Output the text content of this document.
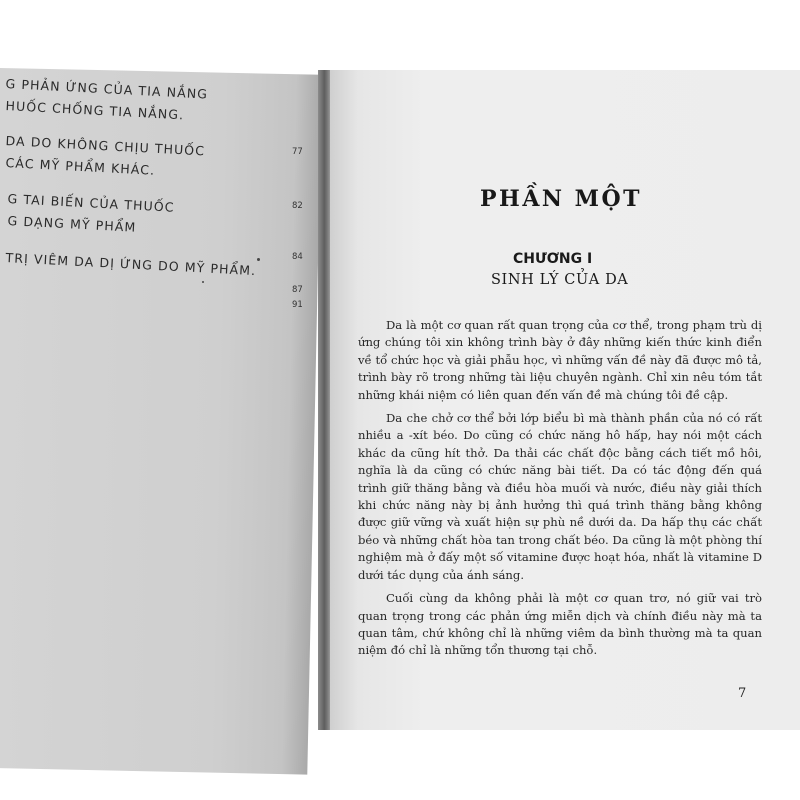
G PHẢN ỨNG CỦA TIA NẮNG
HUỐC CHỐNG TIA NẮNG.
DA DO KHÔNG CHỊU THUỐC
CÁC MỸ PHẨM KHÁC.
G TAI BIẾN CỦA THUỐC
G DẠNG MỸ PHẨM
TRỊ VIÊM DA DỊ ỨNG DO MỸ PHẨM.
77
82
84
87
91
PHẦN MỘT
CHƯƠNG I
SINH LÝ CỦA DA

Da là một cơ quan rất quan trọng của cơ thể, trong phạm trù dị ứng chúng tôi xin không trình bày ở đây những kiến thức kinh điển về tổ chức học và giải phẫu học, vì những vấn đề này đã được mô tả, trình bày rõ trong những tài liệu chuyên ngành. Chỉ xin nêu tóm tắt những khái niệm có liên quan đến vấn đề mà chúng tôi đề cập.

Da che chở cơ thể bởi lớp biểu bì mà thành phần của nó có rất nhiều a -xít béo. Do cũng có chức năng hô hấp, hay nói một cách khác da cũng hít thở. Da thải các chất độc bằng cách tiết mồ hôi, nghĩa là da cũng có chức năng bài tiết. Da có tác động đến quá trình giữ thăng bằng và điều hòa muối và nước, điều này giải thích khi chức năng này bị ảnh hưởng thì quá trình thăng bằng không được giữ vững và xuất hiện sự phù nề dưới da. Da hấp thụ các chất béo và những chất hòa tan trong chất béo. Da cũng là một phòng thí nghiệm mà ở đấy một số vitamine được hoạt hóa, nhất là vitamine D dưới tác dụng của ánh sáng.

Cuối cùng da không phải là một cơ quan trơ, nó giữ vai trò quan trọng trong các phản ứng miễn dịch và chính điều này mà ta quan tâm, chứ không chỉ là những viêm da bình thường mà ta quan niệm đó chỉ là những tổn thương tại chỗ.

7
